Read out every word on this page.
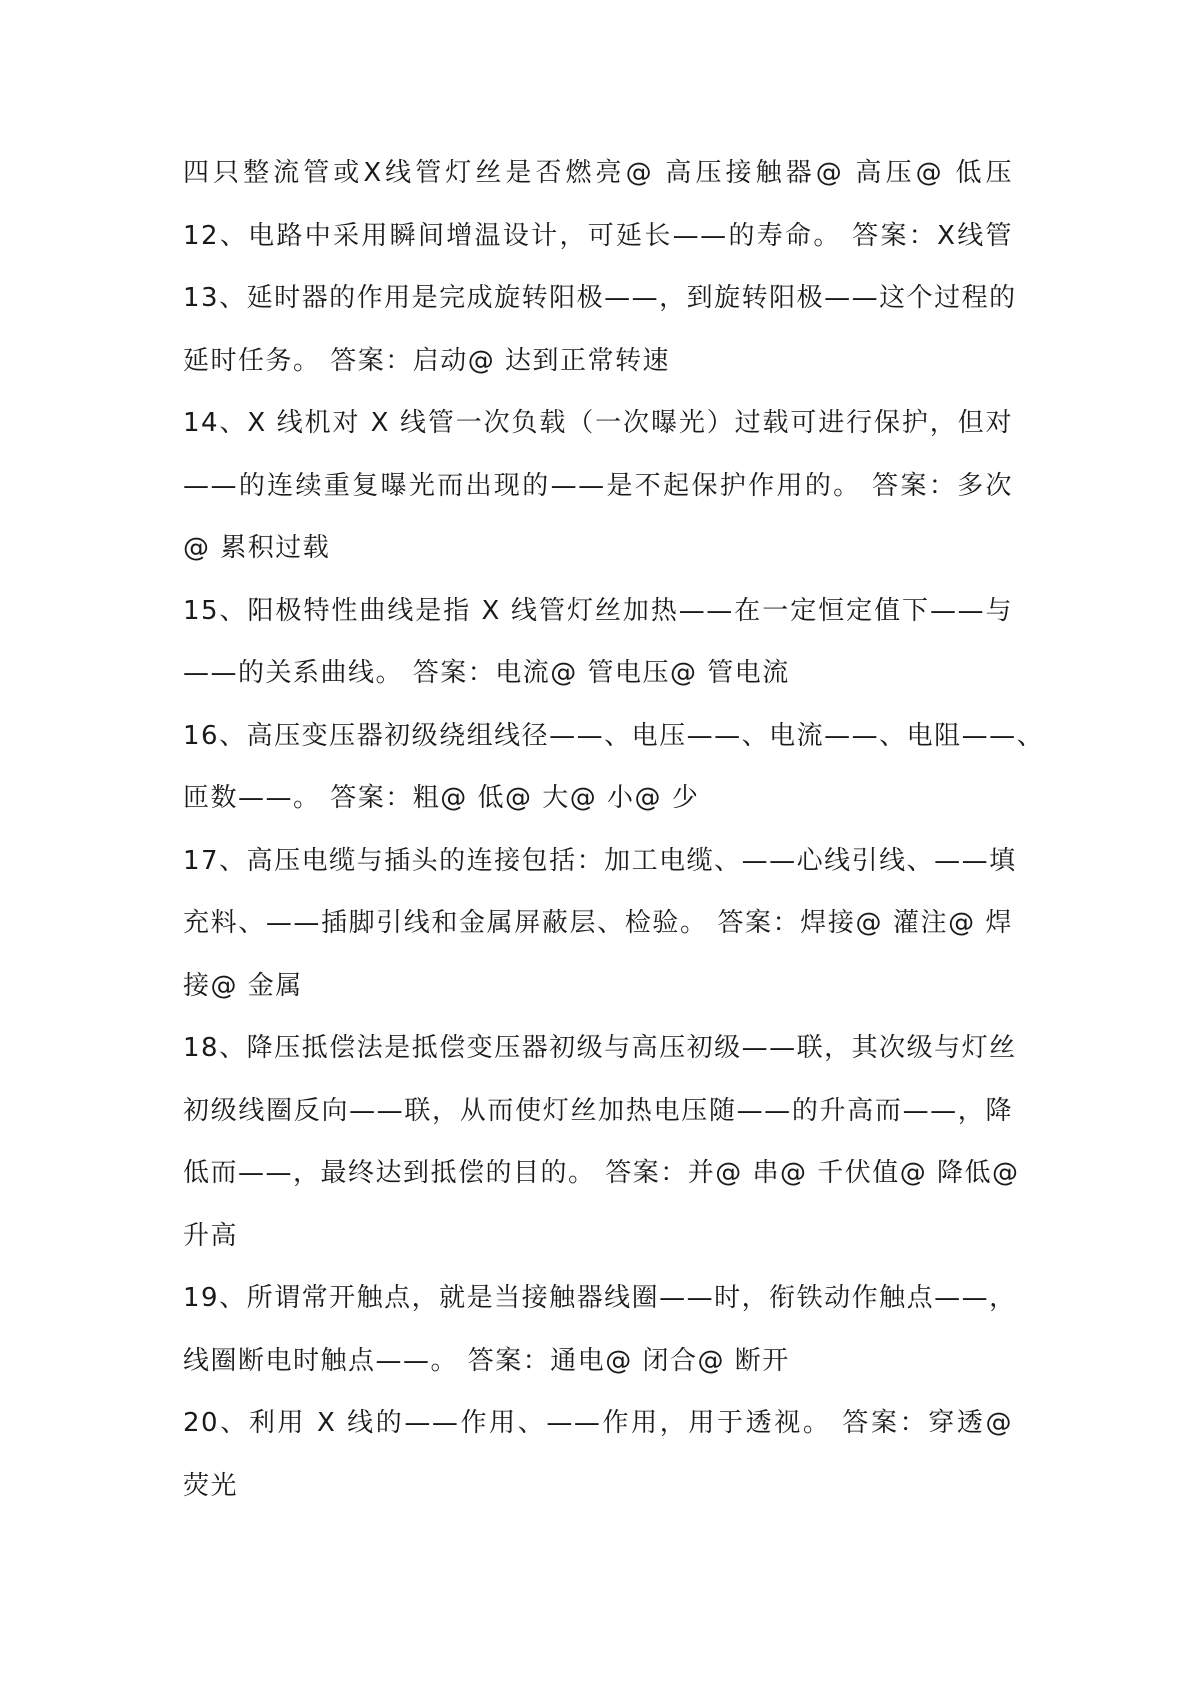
四只整流管或X线管灯丝是否燃亮@ 高压接触器@ 高压@ 低压
12、电路中采用瞬间增温设计，可延长——的寿命。 答案：X线管
13、延时器的作用是完成旋转阳极——，到旋转阳极——这个过程的
延时任务。 答案：启动@ 达到正常转速
14、X 线机对 X 线管一次负载（一次曝光）过载可进行保护，但对
——的连续重复曝光而出现的——是不起保护作用的。 答案：多次
@ 累积过载
15、阳极特性曲线是指 X 线管灯丝加热——在一定恒定值下——与
——的关系曲线。 答案：电流@ 管电压@ 管电流
16、高压变压器初级绕组线径——、电压——、电流——、电阻——、
匝数——。 答案：粗@ 低@ 大@ 小@ 少
17、高压电缆与插头的连接包括：加工电缆、——心线引线、——填
充料、——插脚引线和金属屏蔽层、检验。 答案：焊接@ 灌注@ 焊
接@ 金属
18、降压抵偿法是抵偿变压器初级与高压初级——联，其次级与灯丝
初级线圈反向——联，从而使灯丝加热电压随——的升高而——，降
低而——，最终达到抵偿的目的。 答案：并@ 串@ 千伏值@ 降低@
升高
19、所谓常开触点，就是当接触器线圈——时，衔铁动作触点——，
线圈断电时触点——。 答案：通电@ 闭合@ 断开
20、利用 X 线的——作用、——作用，用于透视。 答案：穿透@
荧光
